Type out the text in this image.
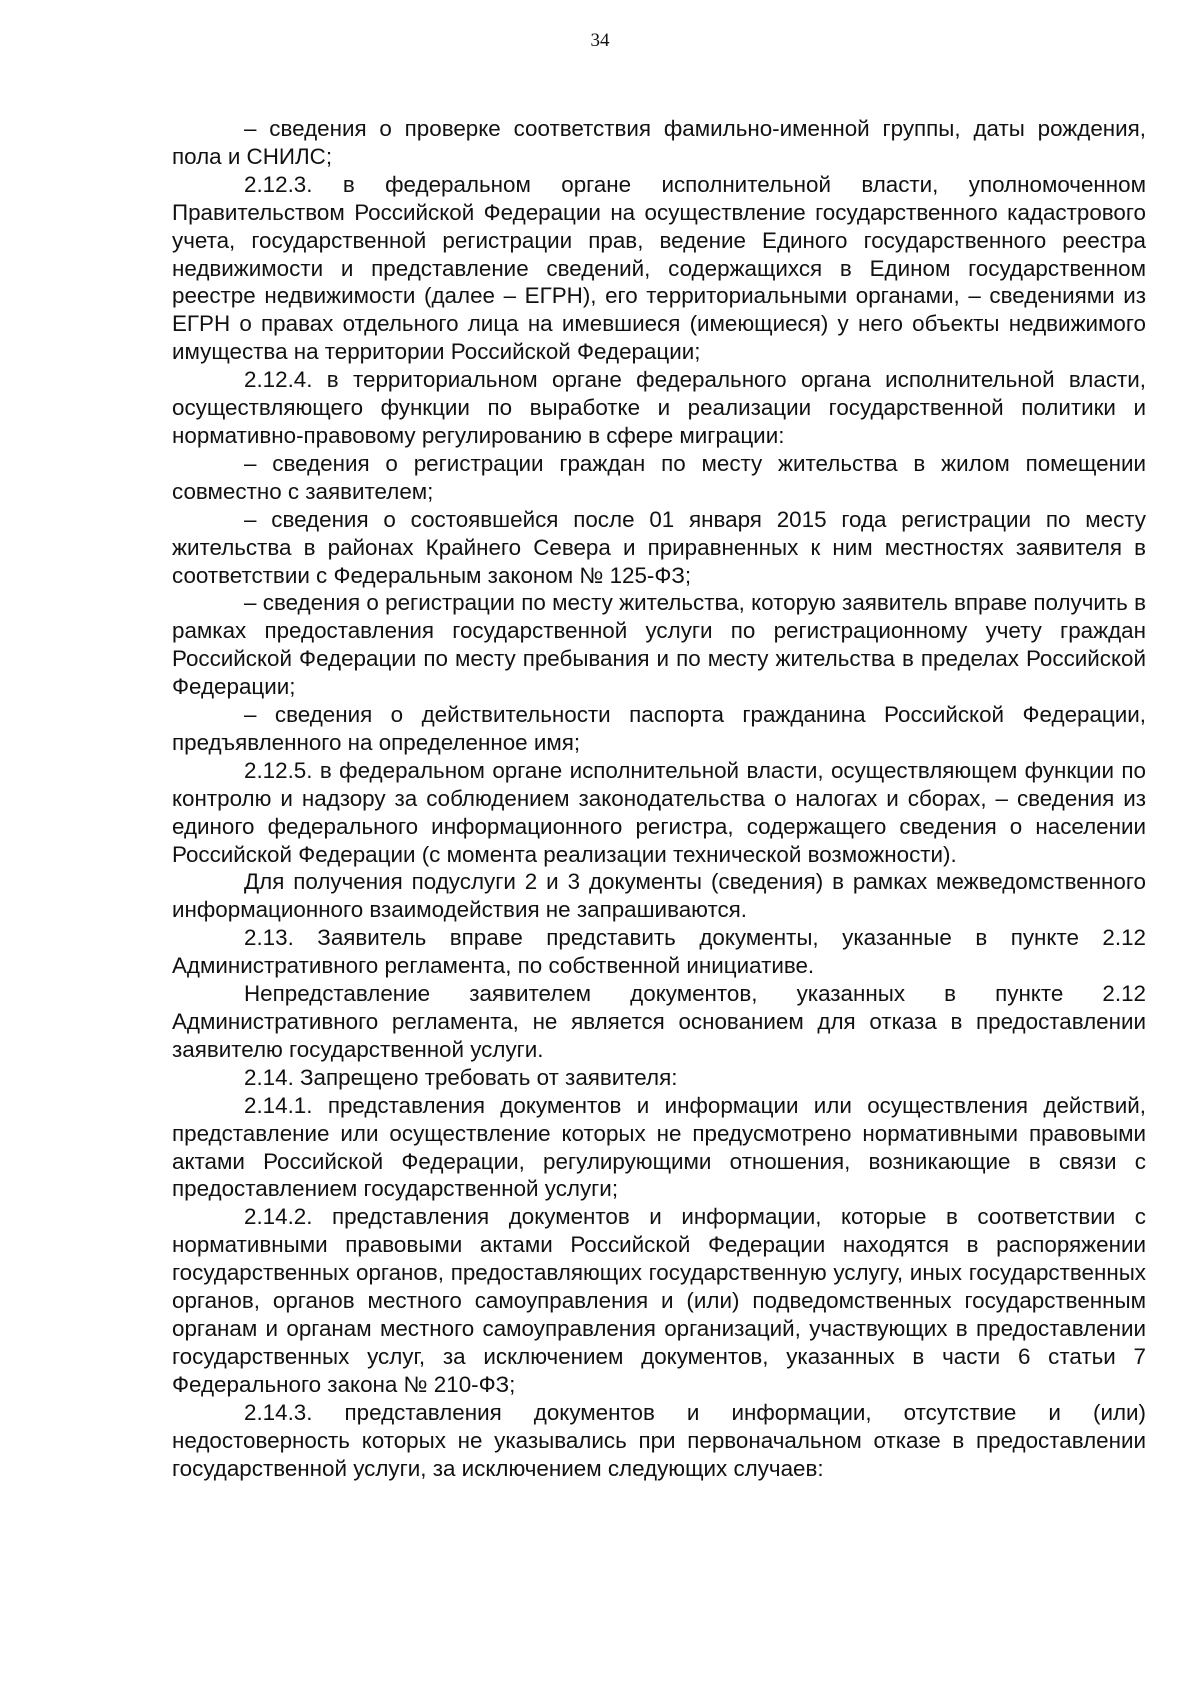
34

– сведения о проверке соответствия фамильно-именной группы, даты рождения, пола и СНИЛС;

2.12.3. в федеральном органе исполнительной власти, уполномоченном Правительством Российской Федерации на осуществление государственного кадастрового учета, государственной регистрации прав, ведение Единого государственного реестра недвижимости и представление сведений, содержащихся в Едином государственном реестре недвижимости (далее – ЕГРН), его территориальными органами, – сведениями из ЕГРН о правах отдельного лица на имевшиеся (имеющиеся) у него объекты недвижимого имущества на территории Российской Федерации;

2.12.4. в территориальном органе федерального органа исполнительной власти, осуществляющего функции по выработке и реализации государственной политики и нормативно-правовому регулированию в сфере миграции:

– сведения о регистрации граждан по месту жительства в жилом помещении совместно с заявителем;

– сведения о состоявшейся после 01 января 2015 года регистрации по месту жительства в районах Крайнего Севера и приравненных к ним местностях заявителя в соответствии с Федеральным законом № 125-ФЗ;

– сведения о регистрации по месту жительства, которую заявитель вправе получить в рамках предоставления государственной услуги по регистрационному учету граждан Российской Федерации по месту пребывания и по месту жительства в пределах Российской Федерации;

– сведения о действительности паспорта гражданина Российской Федерации, предъявленного на определенное имя;

2.12.5. в федеральном органе исполнительной власти, осуществляющем функции по контролю и надзору за соблюдением законодательства о налогах и сборах, – сведения из единого федерального информационного регистра, содержащего сведения о населении Российской Федерации (с момента реализации технической возможности).

Для получения подуслуги 2 и 3 документы (сведения) в рамках межведомственного информационного взаимодействия не запрашиваются.

2.13. Заявитель вправе представить документы, указанные в пункте 2.12 Административного регламента, по собственной инициативе.

Непредставление заявителем документов, указанных в пункте 2.12 Административного регламента, не является основанием для отказа в предоставлении заявителю государственной услуги.

2.14. Запрещено требовать от заявителя:

2.14.1. представления документов и информации или осуществления действий, представление или осуществление которых не предусмотрено нормативными правовыми актами Российской Федерации, регулирующими отношения, возникающие в связи с предоставлением государственной услуги;

2.14.2. представления документов и информации, которые в соответствии с нормативными правовыми актами Российской Федерации находятся в распоряжении государственных органов, предоставляющих государственную услугу, иных государственных органов, органов местного самоуправления и (или) подведомственных государственным органам и органам местного самоуправления организаций, участвующих в предоставлении государственных услуг, за исключением документов, указанных в части 6 статьи 7 Федерального закона № 210-ФЗ;

2.14.3. представления документов и информации, отсутствие и (или) недостоверность которых не указывались при первоначальном отказе в предоставлении государственной услуги, за исключением следующих случаев:
